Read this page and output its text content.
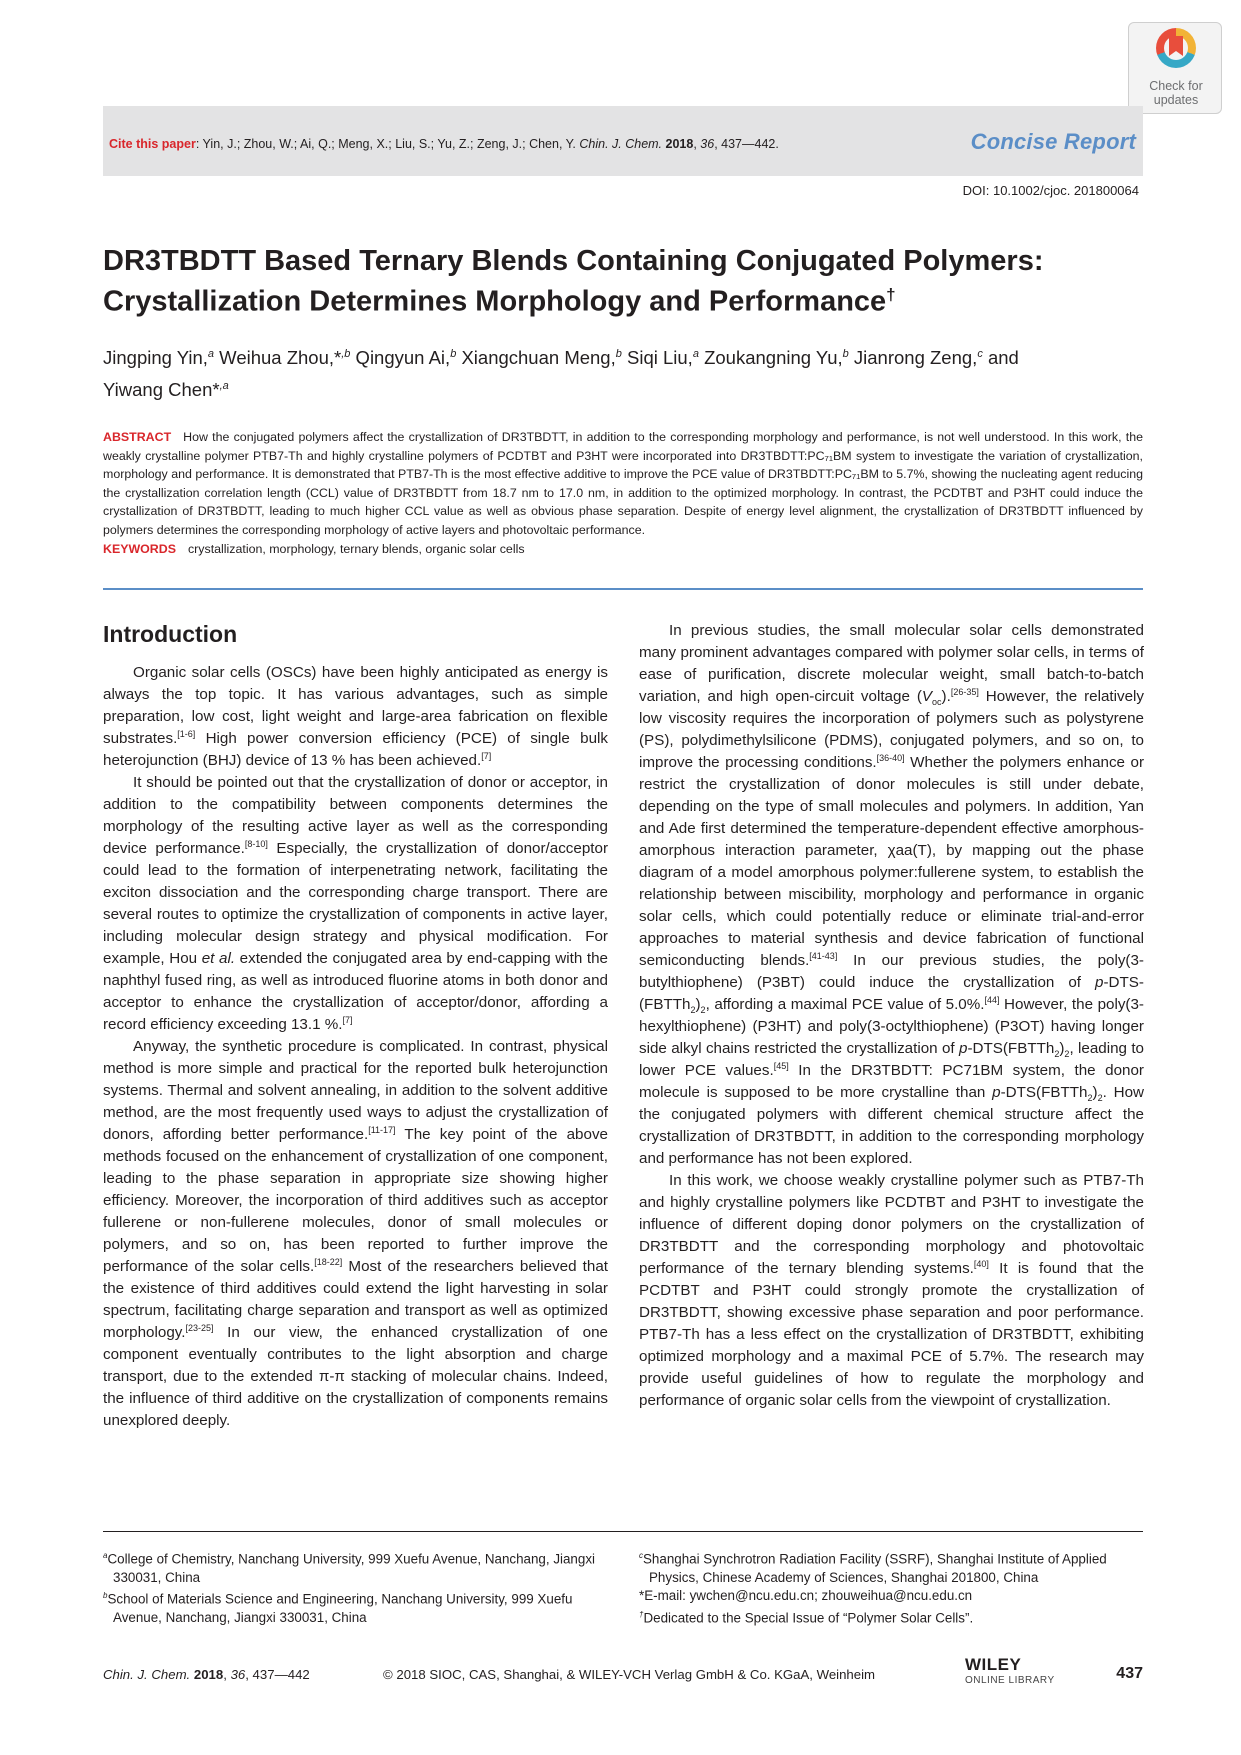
Check for
updates
Cite this paper: Yin, J.; Zhou, W.; Ai, Q.; Meng, X.; Liu, S.; Yu, Z.; Zeng, J.; Chen, Y. Chin. J. Chem. 2018, 36, 437—442.	Concise Report
DOI: 10.1002/cjoc. 201800064
DR3TBDTT Based Ternary Blends Containing Conjugated Polymers:
Crystallization Determines Morphology and Performance†
Jingping Yin,$^a$ Weihua Zhou,*$^{,b}$ Qingyun Ai,$^b$ Xiangchuan Meng,$^b$ Siqi Liu,$^a$ Zoukangning Yu,$^b$ Jianrong Zeng,$^c$ and
Yiwang Chen*$^{,a}$
ABSTRACT How the conjugated polymers affect the crystallization of DR3TBDTT, in addition to the corresponding morphology and performance, is not well understood. In this work, the weakly crystalline polymer PTB7-Th and highly crystalline polymers of PCDTBT and P3HT were incorporated into DR3TBDTT:PC₇₁BM system to investigate the variation of crystallization, morphology and performance. It is demonstrated that PTB7-Th is the most effective additive to improve the PCE value of DR3TBDTT:PC₇₁BM to 5.7%, showing the nucleating agent reducing the crystallization correlation length (CCL) value of DR3TBDTT from 18.7 nm to 17.0 nm, in addition to the optimized morphology. In contrast, the PCDTBT and P3HT could induce the crystallization of DR3TBDTT, leading to much higher CCL value as well as obvious phase separation. Despite of energy level alignment, the crystallization of DR3TBDTT influenced by polymers determines the corresponding morphology of active layers and photovoltaic performance.
KEYWORDS crystallization, morphology, ternary blends, organic solar cells
Introduction

Organic solar cells (OSCs) have been highly anticipated as energy is always the top topic. It has various advantages, such as simple preparation, low cost, light weight and large-area fabrication on flexible substrates.[1-6] High power conversion efficiency (PCE) of single bulk heterojunction (BHJ) device of 13 % has been achieved.[7]

It should be pointed out that the crystallization of donor or acceptor, in addition to the compatibility between components determines the morphology of the resulting active layer as well as the corresponding device performance.[8-10] Especially, the crystallization of donor/acceptor could lead to the formation of interpenetrating network, facilitating the exciton dissociation and the corresponding charge transport. There are several routes to optimize the crystallization of components in active layer, including molecular design strategy and physical modification. For example, Hou et al. extended the conjugated area by end-capping with the naphthyl fused ring, as well as introduced fluorine atoms in both donor and acceptor to enhance the crystallization of acceptor/donor, affording a record efficiency exceeding 13.1 %.[7]

Anyway, the synthetic procedure is complicated. In contrast, physical method is more simple and practical for the reported bulk heterojunction systems. Thermal and solvent annealing, in addition to the solvent additive method, are the most frequently used ways to adjust the crystallization of donors, affording better performance.[11-17] The key point of the above methods focused on the enhancement of crystallization of one component, leading to the phase separation in appropriate size showing higher efficiency. Moreover, the incorporation of third additives such as acceptor fullerene or non-fullerene molecules, donor of small molecules or polymers, and so on, has been reported to further improve the performance of the solar cells.[18-22] Most of the researchers believed that the existence of third additives could extend the light harvesting in solar spectrum, facilitating charge separation and transport as well as optimized morphology.[23-25] In our view, the enhanced crystallization of one component eventually contributes to the light absorption and charge transport, due to the extended π-π stacking of molecular chains. Indeed, the influence of third additive on the crystallization of components remains unexplored deeply.

In previous studies, the small molecular solar cells demonstrated many prominent advantages compared with polymer solar cells, in terms of ease of purification, discrete molecular weight, small batch-to-batch variation, and high open-circuit voltage $(V_{oc}).[26-35]$ However, the relatively low viscosity requires the incorporation of polymers such as polystyrene (PS), polydimethylsilicone (PDMS), conjugated polymers, and so on, to improve the processing conditions.[36-40] Whether the polymers enhance or restrict the crystallization of donor molecules is still under debate, depending on the type of small molecules and polymers. In addition, Yan and Ade first determined the temperature-dependent effective amorphous-amorphous interaction parameter, χaa(T), by mapping out the phase diagram of a model amorphous polymer:fullerene system, to establish the relationship between miscibility, morphology and performance in organic solar cells, which could potentially reduce or eliminate trial-and-error approaches to material synthesis and device fabrication of functional semiconducting blends.[41-43] In our previous studies, the poly(3-butylthiophene) (P3BT) could induce the crystallization of $p-DTS-(FBTTh_2)_2$, affording a maximal PCE value of 5.0%.[44] However, the poly(3-hexylthiophene) (P3HT) and poly(3-octylthiophene) (P3OT) having longer side alkyl chains restricted the crystallization of $p-DTS(FBTTh_2)_2$, leading to lower PCE values.[45] In the DR3TBDTT: PC71BM system, the donor molecule is supposed to be more crystalline than $p-DTS(FBTTh_2)_2$. How the conjugated polymers with different chemical structure affect the crystallization of DR3TBDTT, in addition to the corresponding morphology and performance has not been explored.

In this work, we choose weakly crystalline polymer such as PTB7-Th and highly crystalline polymers like PCDTBT and P3HT to investigate the influence of different doping donor polymers on the crystallization of DR3TBDTT and the corresponding morphology and photovoltaic performance of the ternary blending systems.[40] It is found that the PCDTBT and P3HT could strongly promote the crystallization of DR3TBDTT, showing excessive phase separation and poor performance. PTB7-Th has a less effect on the crystallization of DR3TBDTT, exhibiting optimized morphology and a maximal PCE of 5.7%. The research may provide useful guidelines of how to regulate the morphology and performance of organic solar cells from the viewpoint of crystallization.

$^a$College of Chemistry, Nanchang University, 999 Xuefu Avenue, Nanchang, Jiangxi 330031, China
$^b$School of Materials Science and Engineering, Nanchang University, 999 Xuefu Avenue, Nanchang, Jiangxi 330031, China
$^c$Shanghai Synchrotron Radiation Facility (SSRF), Shanghai Institute of Applied Physics, Chinese Academy of Sciences, Shanghai 201800, China
*E-mail: ywchen@ncu.edu.cn; zhouweihua@ncu.edu.cn
†Dedicated to the Special Issue of “Polymer Solar Cells”.
Chin. J. Chem. 2018, 36, 437—442	© 2018 SIOC, CAS, Shanghai, & WILEY-VCH Verlag GmbH & Co. KGaA, Weinheim
WILEY
ONLINE LIBRARY	437
